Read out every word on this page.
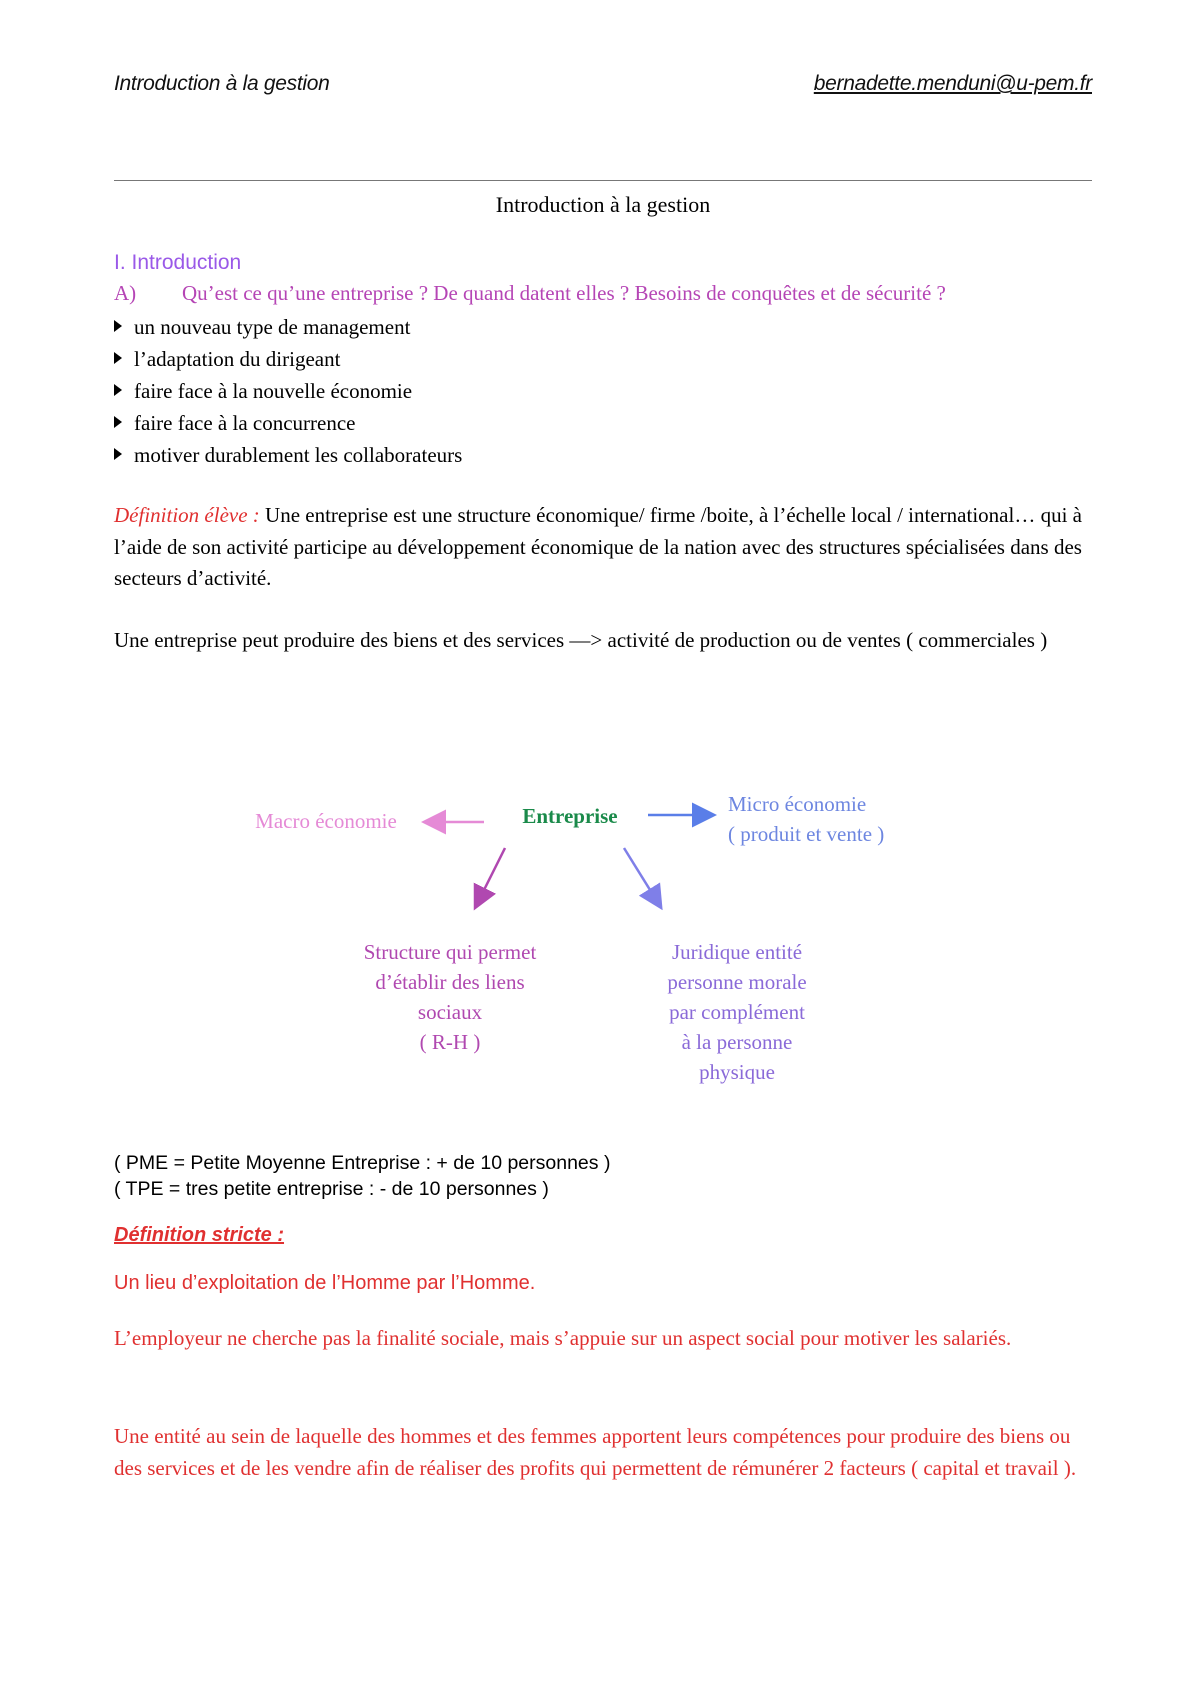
Introduction à la gestion	bernadette.menduni@u-pem.fr
Introduction à la gestion
I. Introduction
A) Qu’est ce qu’une entreprise ? De quand datent elles ? Besoins de conquêtes et de sécurité ?
un nouveau type de management
l’adaptation du dirigeant
faire face à la nouvelle économie
faire face à la concurrence
motiver durablement les collaborateurs
Définition élève : Une entreprise est une structure économique/ firme /boite, à l’échelle local / international… qui à l’aide de son activité participe au développement économique de la nation avec des structures spécialisées dans des secteurs d’activité.
Une entreprise peut produire des biens et des services —> activité de production ou de ventes ( commerciales )
Macro économie	Entreprise	Micro économie
( produit et vente )
Structure qui permet
d’établir des liens
sociaux
( R-H )
Juridique entité
personne morale
par complément
à la personne
physique
( PME = Petite Moyenne Entreprise : + de 10 personnes )
( TPE = tres petite entreprise : - de 10 personnes )
Définition stricte :
Un lieu d’exploitation de l’Homme par l’Homme.
L’employeur ne cherche pas la finalité sociale, mais s’appuie sur un aspect social pour motiver les salariés.
Une entité au sein de laquelle des hommes et des femmes apportent leurs compétences pour produire des biens ou des services et de les vendre afin de réaliser des profits qui permettent de rémunérer 2 facteurs ( capital et travail ).
